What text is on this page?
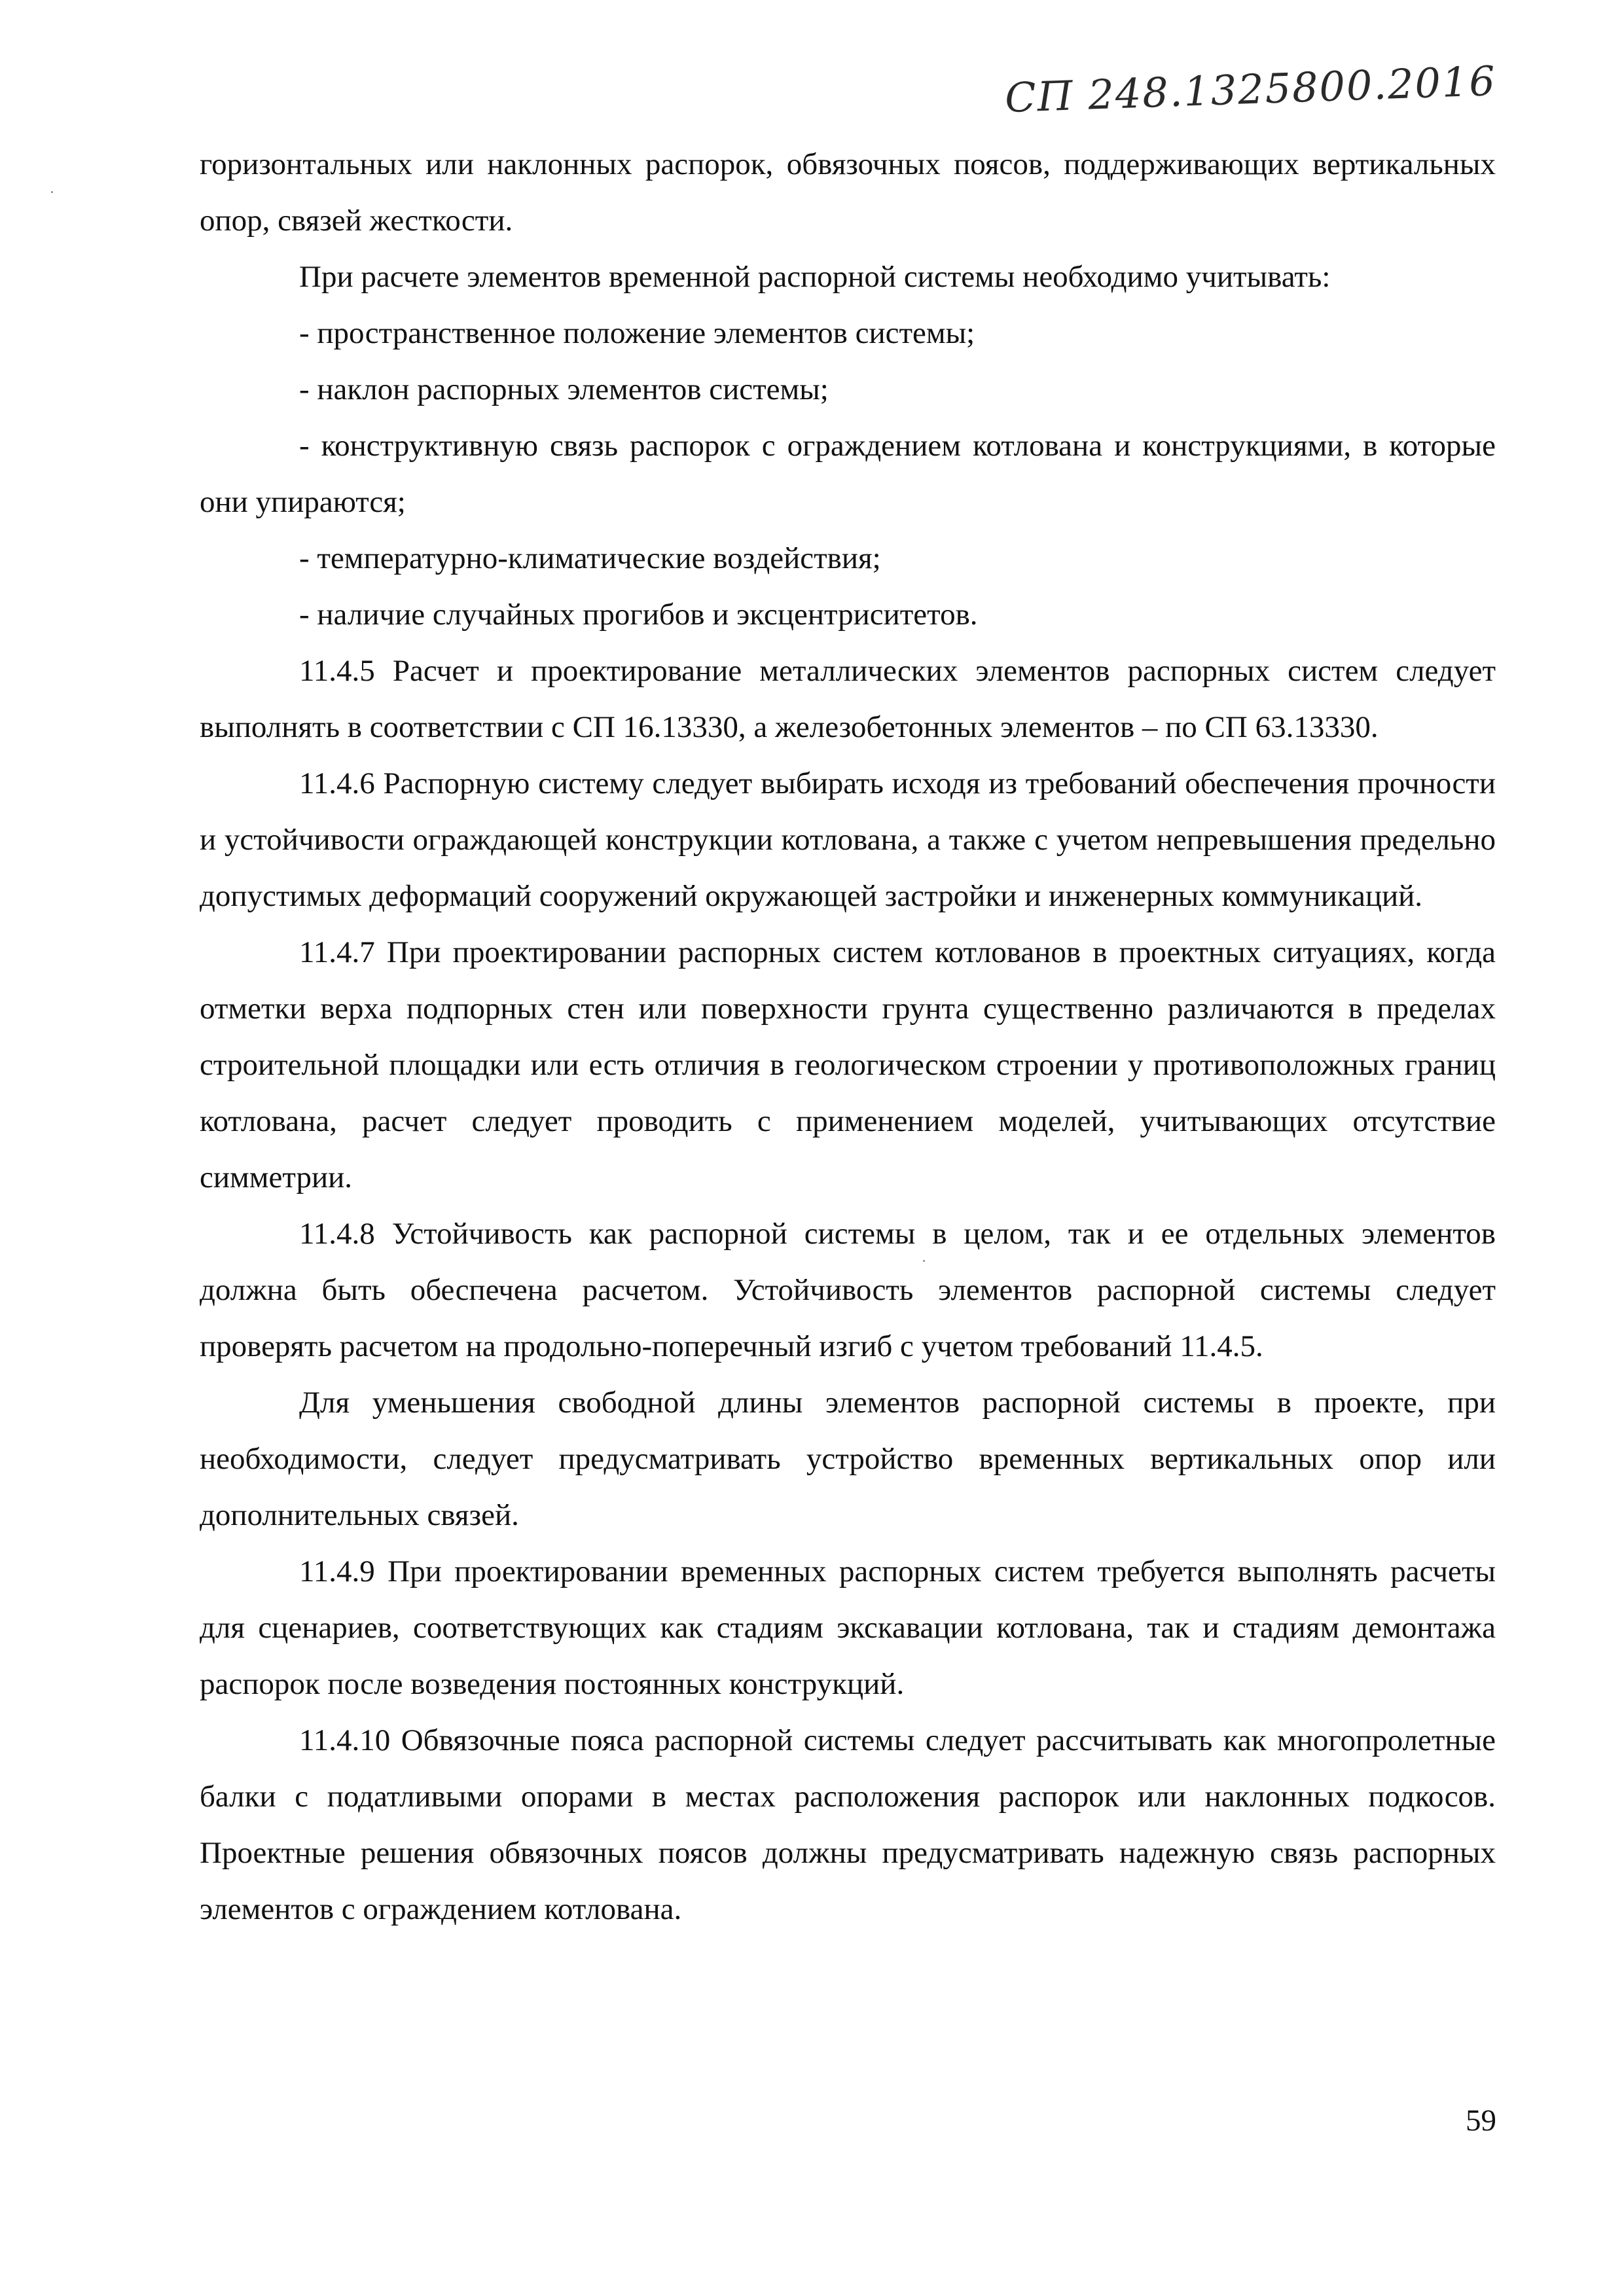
СП 248.1325800.2016

горизонтальных или наклонных распорок, обвязочных поясов, поддерживающих вертикальных опор, связей жесткости.

При расчете элементов временной распорной системы необходимо учитывать:

- пространственное положение элементов системы;

- наклон распорных элементов системы;

- конструктивную связь распорок с ограждением котлована и конструкциями, в которые они упираются;

- температурно-климатические воздействия;

- наличие случайных прогибов и эксцентриситетов.

11.4.5 Расчет и проектирование металлических элементов распорных систем следует выполнять в соответствии с СП 16.13330, а железобетонных элементов – по СП 63.13330.

11.4.6 Распорную систему следует выбирать исходя из требований обеспечения прочности и устойчивости ограждающей конструкции котлована, а также с учетом непревышения предельно допустимых деформаций сооружений окружающей застройки и инженерных коммуникаций.

11.4.7 При проектировании распорных систем котлованов в проектных ситуациях, когда отметки верха подпорных стен или поверхности грунта существенно различаются в пределах строительной площадки или есть отличия в геологическом строении у противоположных границ котлована, расчет следует проводить с применением моделей, учитывающих отсутствие симметрии.

11.4.8 Устойчивость как распорной системы в целом, так и ее отдельных элементов должна быть обеспечена расчетом. Устойчивость элементов распорной системы следует проверять расчетом на продольно-поперечный изгиб с учетом требований 11.4.5.

Для уменьшения свободной длины элементов распорной системы в проекте, при необходимости, следует предусматривать устройство временных вертикальных опор или дополнительных связей.

11.4.9 При проектировании временных распорных систем требуется выполнять расчеты для сценариев, соответствующих как стадиям экскавации котлована, так и стадиям демонтажа распорок после возведения постоянных конструкций.

11.4.10 Обвязочные пояса распорной системы следует рассчитывать как многопролетные балки с податливыми опорами в местах расположения распорок или наклонных подкосов. Проектные решения обвязочных поясов должны предусматривать надежную связь распорных элементов с ограждением котлована.

59
